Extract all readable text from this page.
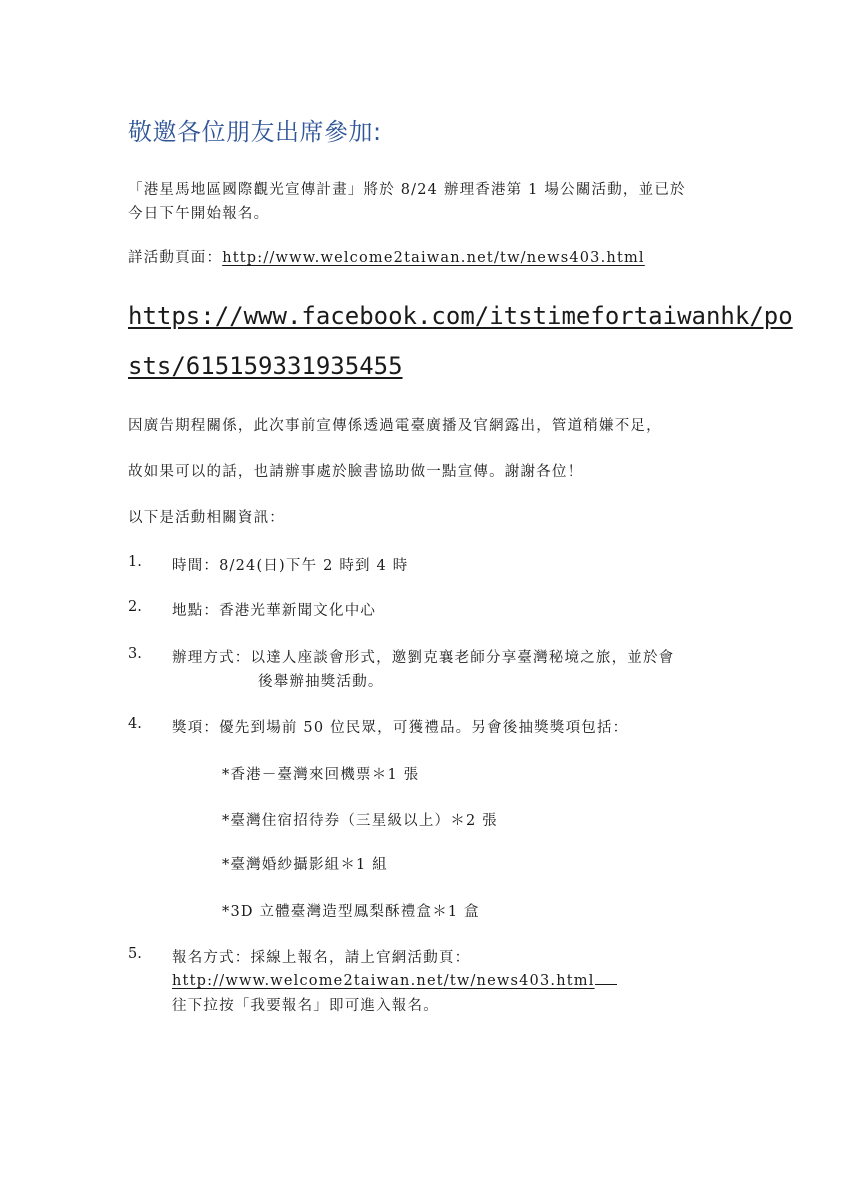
敬邀各位朋友出席參加:
「港星馬地區國際觀光宣傳計畫」將於 8/24 辦理香港第 1 場公關活動，並已於
今日下午開始報名。
詳活動頁面：http://www.welcome2taiwan.net/tw/news403.html
https://www.facebook.com/itstimefortaiwanhk/po
sts/615159331935455
因廣告期程關係，此次事前宣傳係透過電臺廣播及官網露出，管道稍嫌不足，
故如果可以的話，也請辦事處於臉書協助做一點宣傳。謝謝各位！
以下是活動相關資訊：
1. 時間：8/24(日)下午 2 時到 4 時
2. 地點：香港光華新聞文化中心
3. 辦理方式：以達人座談會形式，邀劉克襄老師分享臺灣秘境之旅，並於會
後舉辦抽獎活動。
4. 獎項：優先到場前 50 位民眾，可獲禮品。另會後抽獎獎項包括：
*香港－臺灣來回機票＊1 張
*臺灣住宿招待券（三星級以上）＊2 張
*臺灣婚紗攝影組＊1 組
*3D 立體臺灣造型鳳梨酥禮盒＊1 盒
5. 報名方式：採線上報名，請上官網活動頁：
http://www.welcome2taiwan.net/tw/news403.html
往下拉按「我要報名」即可進入報名。
